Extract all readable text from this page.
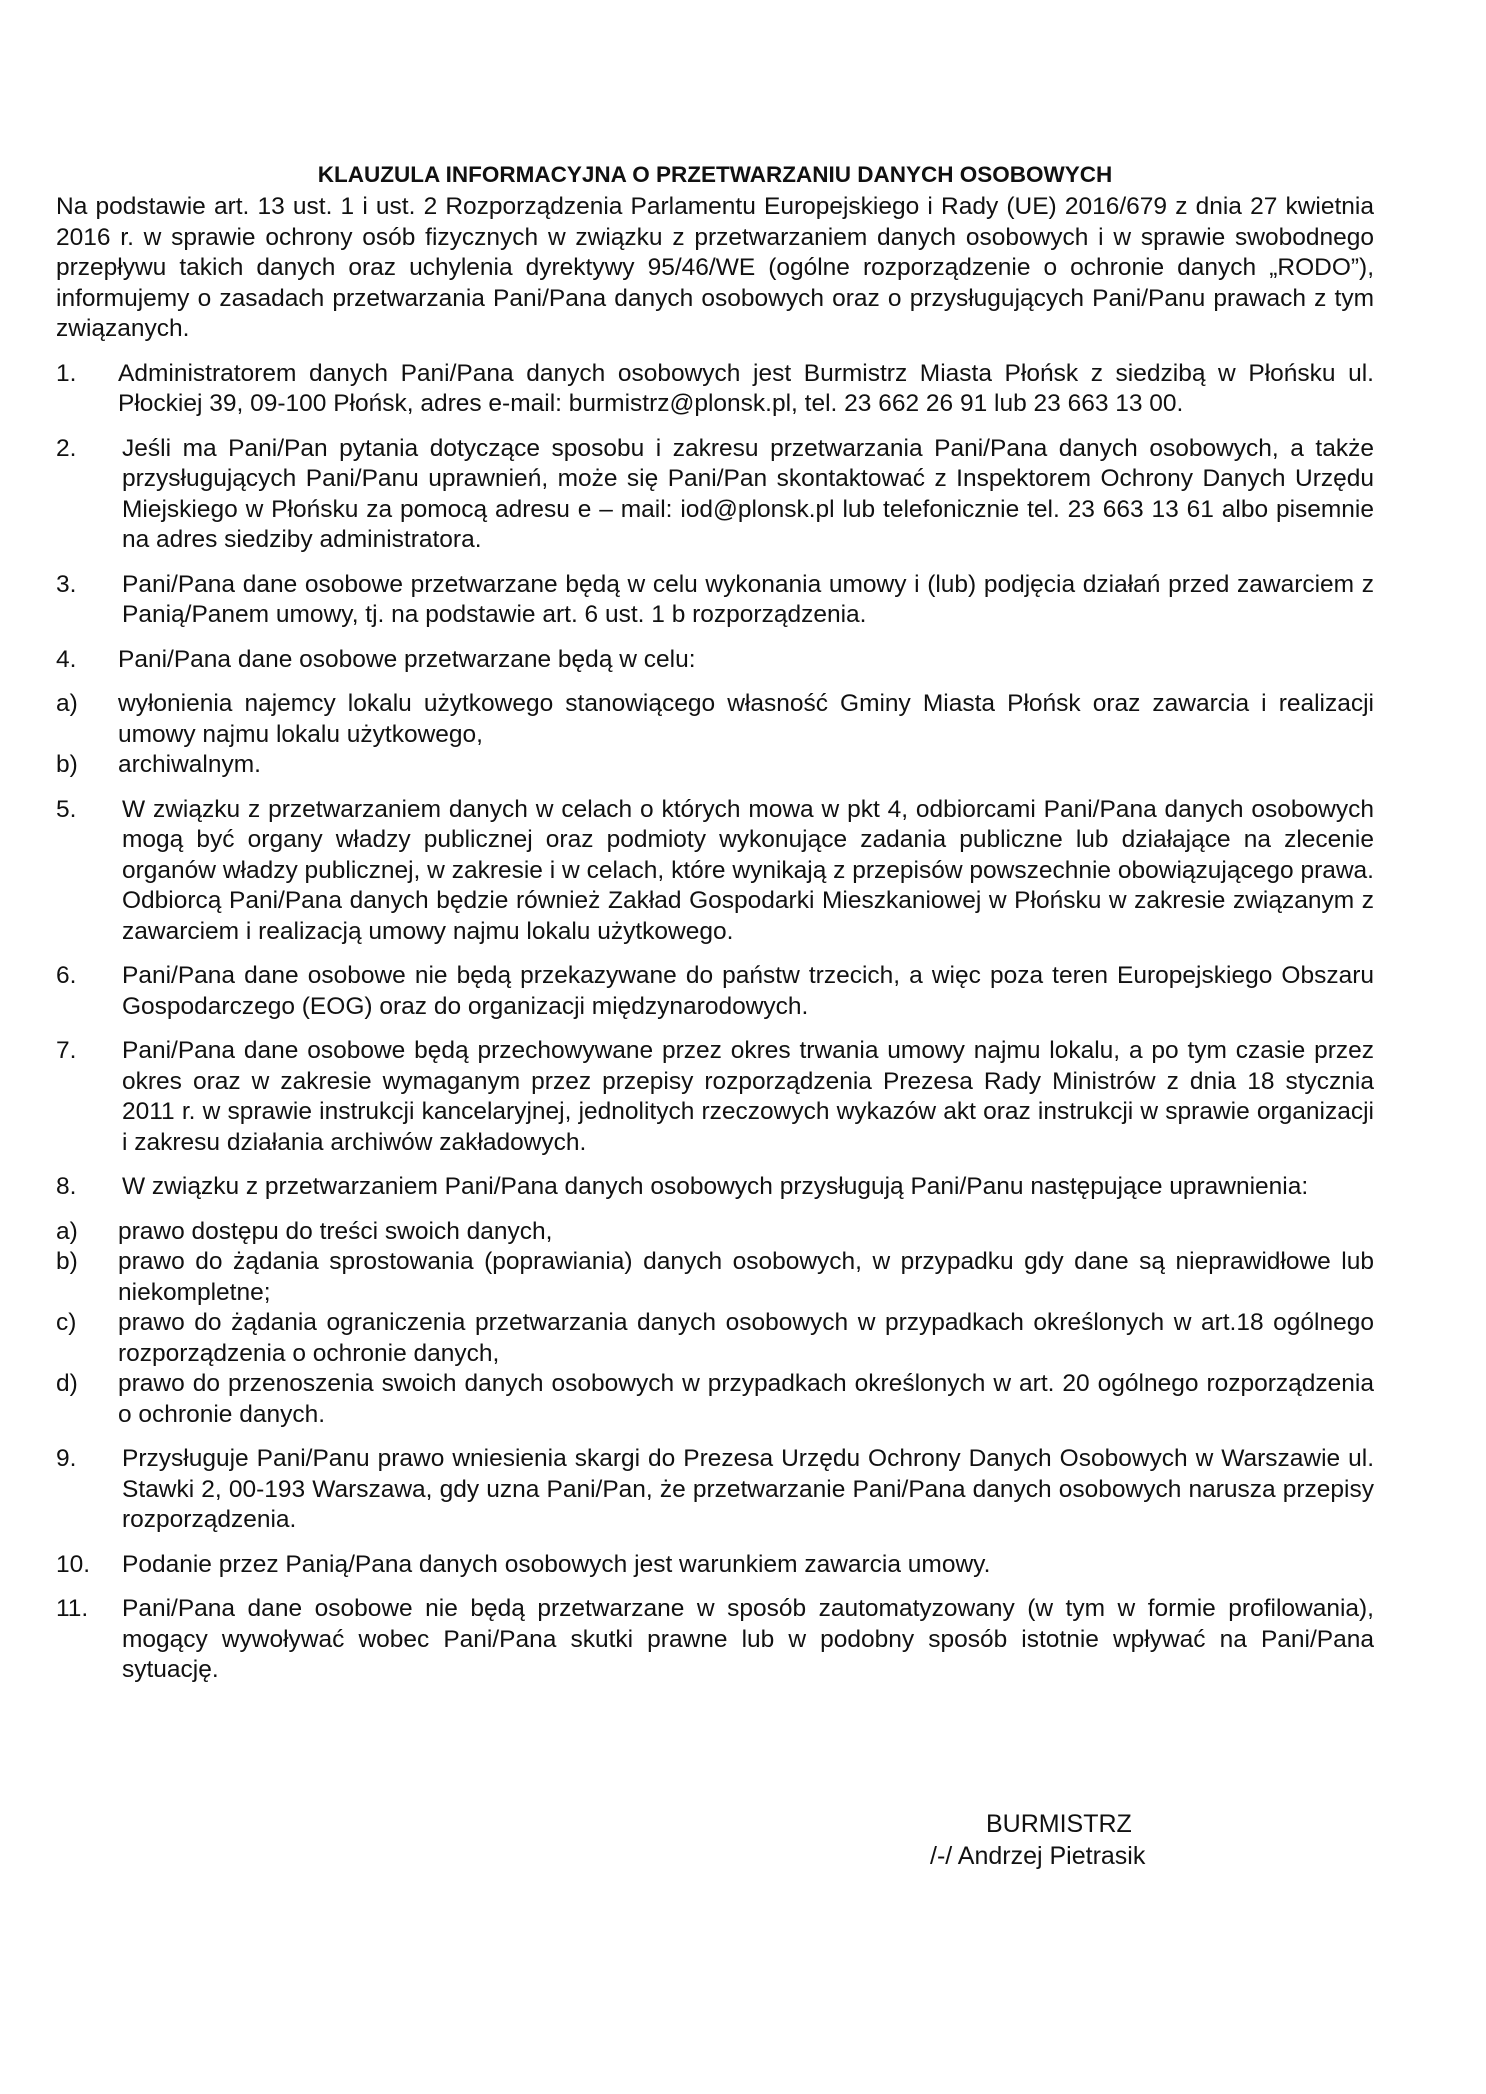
KLAUZULA INFORMACYJNA O PRZETWARZANIU DANYCH OSOBOWYCH
Na podstawie art. 13 ust. 1 i ust. 2 Rozporządzenia Parlamentu Europejskiego i Rady (UE) 2016/679 z dnia 27 kwietnia 2016 r. w sprawie ochrony osób fizycznych w związku z przetwarzaniem danych osobowych i w sprawie swobodnego przepływu takich danych oraz uchylenia dyrektywy 95/46/WE (ogólne rozporządzenie o ochronie danych „RODO”), informujemy o zasadach przetwarzania Pani/Pana danych osobowych oraz o przysługujących Pani/Panu prawach z tym związanych.
1.	Administratorem danych Pani/Pana danych osobowych jest Burmistrz Miasta Płońsk z siedzibą w Płońsku ul. Płockiej 39, 09-100 Płońsk, adres e-mail: burmistrz@plonsk.pl, tel. 23 662 26 91 lub 23 663 13 00.
2.	Jeśli ma Pani/Pan pytania dotyczące sposobu i zakresu przetwarzania Pani/Pana danych osobowych, a także przysługujących Pani/Panu uprawnień, może się Pani/Pan skontaktować z Inspektorem Ochrony Danych Urzędu Miejskiego w Płońsku za pomocą adresu e – mail: iod@plonsk.pl lub telefonicznie tel. 23 663 13 61 albo pisemnie na adres siedziby administratora.
3.	Pani/Pana dane osobowe przetwarzane będą w celu wykonania umowy i (lub) podjęcia działań przed zawarciem z Panią/Panem umowy, tj. na podstawie art. 6 ust. 1 b rozporządzenia.
4.	Pani/Pana dane osobowe przetwarzane będą w celu:
a)	wyłonienia najemcy lokalu użytkowego stanowiącego własność Gminy Miasta Płońsk oraz zawarcia i realizacji umowy najmu lokalu użytkowego,
b)	archiwalnym.
5.	W związku z przetwarzaniem danych w celach o których mowa w pkt 4, odbiorcami Pani/Pana danych osobowych mogą być organy władzy publicznej oraz podmioty wykonujące zadania publiczne lub działające na zlecenie organów władzy publicznej, w zakresie i w celach, które wynikają z przepisów powszechnie obowiązującego prawa. Odbiorcą Pani/Pana danych będzie również Zakład Gospodarki Mieszkaniowej w Płońsku w zakresie związanym z zawarciem i realizacją umowy najmu lokalu użytkowego.
6.	Pani/Pana dane osobowe nie będą przekazywane do państw trzecich, a więc poza teren Europejskiego Obszaru Gospodarczego (EOG) oraz do organizacji międzynarodowych.
7.	Pani/Pana dane osobowe będą przechowywane przez okres trwania umowy najmu lokalu, a po tym czasie przez okres oraz w zakresie wymaganym przez przepisy rozporządzenia Prezesa Rady Ministrów z dnia 18 stycznia 2011 r. w sprawie instrukcji kancelaryjnej, jednolitych rzeczowych wykazów akt oraz instrukcji w sprawie organizacji i zakresu działania archiwów zakładowych.
8.	W związku z przetwarzaniem Pani/Pana danych osobowych przysługują Pani/Panu następujące uprawnienia:
a)	prawo dostępu do treści swoich danych,
b)	prawo do żądania sprostowania (poprawiania) danych osobowych, w przypadku gdy dane są nieprawidłowe lub niekompletne;
c)	prawo do żądania ograniczenia przetwarzania danych osobowych w przypadkach określonych w art.18 ogólnego rozporządzenia o ochronie danych,
d)	prawo do przenoszenia swoich danych osobowych w przypadkach określonych w art. 20 ogólnego rozporządzenia o ochronie danych.
9.	Przysługuje Pani/Panu prawo wniesienia skargi do Prezesa Urzędu Ochrony Danych Osobowych w Warszawie ul. Stawki 2, 00-193 Warszawa, gdy uzna Pani/Pan, że przetwarzanie Pani/Pana danych osobowych narusza przepisy rozporządzenia.
10.	Podanie przez Panią/Pana danych osobowych jest warunkiem zawarcia umowy.
11.	Pani/Pana dane osobowe nie będą przetwarzane w sposób zautomatyzowany (w tym w formie profilowania), mogący wywoływać wobec Pani/Pana skutki prawne lub w podobny sposób istotnie wpływać na Pani/Pana sytuację.
BURMISTRZ
/-/ Andrzej Pietrasik
